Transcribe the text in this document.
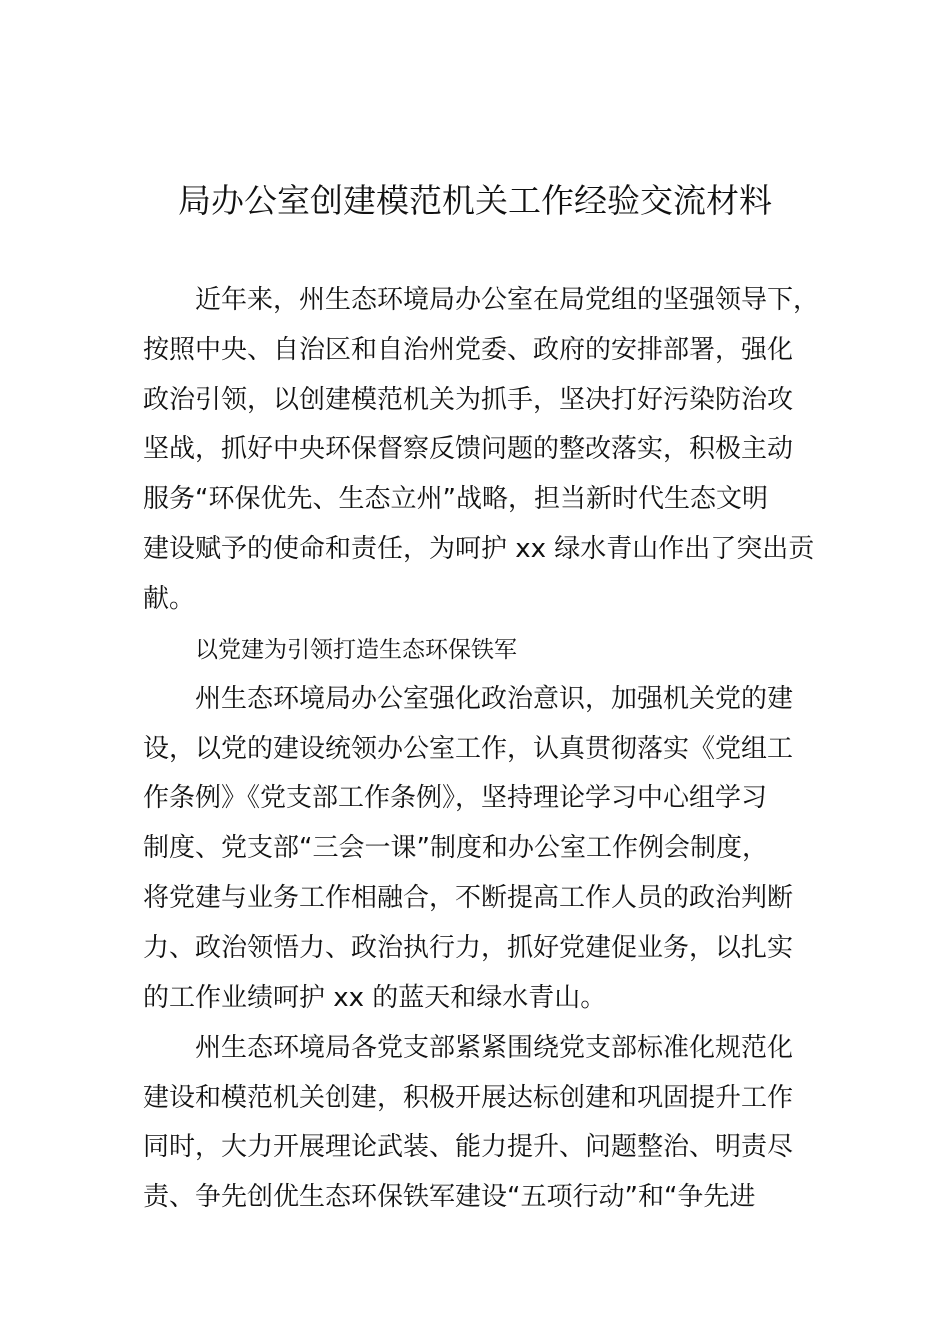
局办公室创建模范机关工作经验交流材料
近年来，州生态环境局办公室在局党组的坚强领导下，
按照中央、自治区和自治州党委、政府的安排部署，强化
政治引领，以创建模范机关为抓手，坚决打好污染防治攻
坚战，抓好中央环保督察反馈问题的整改落实，积极主动
服务“环保优先、生态立州”战略，担当新时代生态文明
建设赋予的使命和责任，为呵护 xx 绿水青山作出了突出贡
献。
以党建为引领打造生态环保铁军
州生态环境局办公室强化政治意识，加强机关党的建
设，以党的建设统领办公室工作，认真贯彻落实《党组工
作条例》《党支部工作条例》，坚持理论学习中心组学习
制度、党支部“三会一课”制度和办公室工作例会制度，
将党建与业务工作相融合，不断提高工作人员的政治判断
力、政治领悟力、政治执行力，抓好党建促业务，以扎实
的工作业绩呵护 xx 的蓝天和绿水青山。
州生态环境局各党支部紧紧围绕党支部标准化规范化
建设和模范机关创建，积极开展达标创建和巩固提升工作
同时，大力开展理论武装、能力提升、问题整治、明责尽
责、争先创优生态环保铁军建设“五项行动”和“争先进
